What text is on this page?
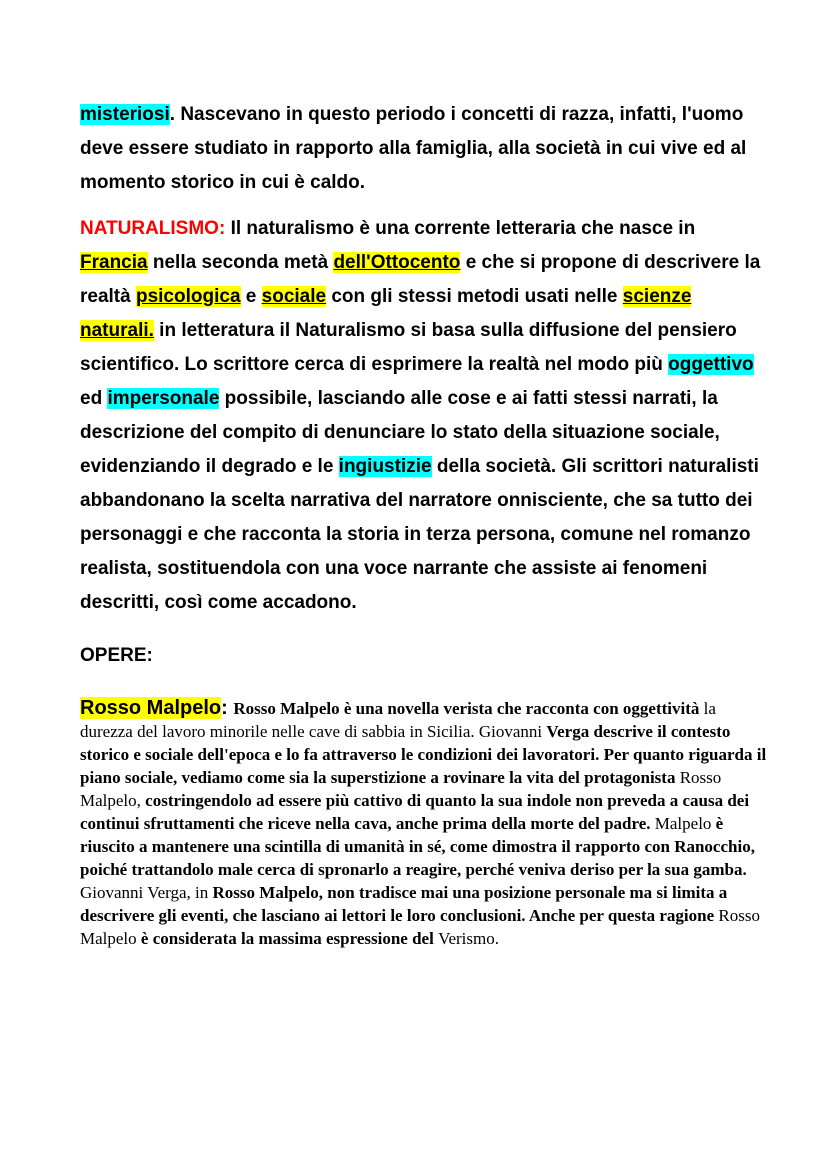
misteriosi. Nascevano in questo periodo i concetti di razza, infatti, l'uomo deve essere studiato in rapporto alla famiglia, alla società in cui vive ed al momento storico in cui è caldo.

NATURALISMO: Il naturalismo è una corrente letteraria che nasce in Francia nella seconda metà dell'Ottocento e che si propone di descrivere la realtà psicologica e sociale con gli stessi metodi usati nelle scienze naturali. in letteratura il Naturalismo si basa sulla diffusione del pensiero scientifico. Lo scrittore cerca di esprimere la realtà nel modo più oggettivo ed impersonale possibile, lasciando alle cose e ai fatti stessi narrati, la descrizione del compito di denunciare lo stato della situazione sociale, evidenziando il degrado e le ingiustizie della società. Gli scrittori naturalisti abbandonano la scelta narrativa del narratore onnisciente, che sa tutto dei personaggi e che racconta la storia in terza persona, comune nel romanzo realista, sostituendola con una voce narrante che assiste ai fenomeni descritti, così come accadono.

OPERE:

Rosso Malpelo: Rosso Malpelo è una novella verista che racconta con oggettività la durezza del lavoro minorile nelle cave di sabbia in Sicilia. Giovanni Verga descrive il contesto storico e sociale dell'epoca e lo fa attraverso le condizioni dei lavoratori. Per quanto riguarda il piano sociale, vediamo come sia la superstizione a rovinare la vita del protagonista Rosso Malpelo, costringendolo ad essere più cattivo di quanto la sua indole non preveda a causa dei continui sfruttamenti che riceve nella cava, anche prima della morte del padre. Malpelo è riuscito a mantenere una scintilla di umanità in sé, come dimostra il rapporto con Ranocchio, poiché trattandolo male cerca di spronarlo a reagire, perché veniva deriso per la sua gamba. Giovanni Verga, in Rosso Malpelo, non tradisce mai una posizione personale ma si limita a descrivere gli eventi, che lasciano ai lettori le loro conclusioni. Anche per questa ragione Rosso Malpelo è considerata la massima espressione del Verismo.
